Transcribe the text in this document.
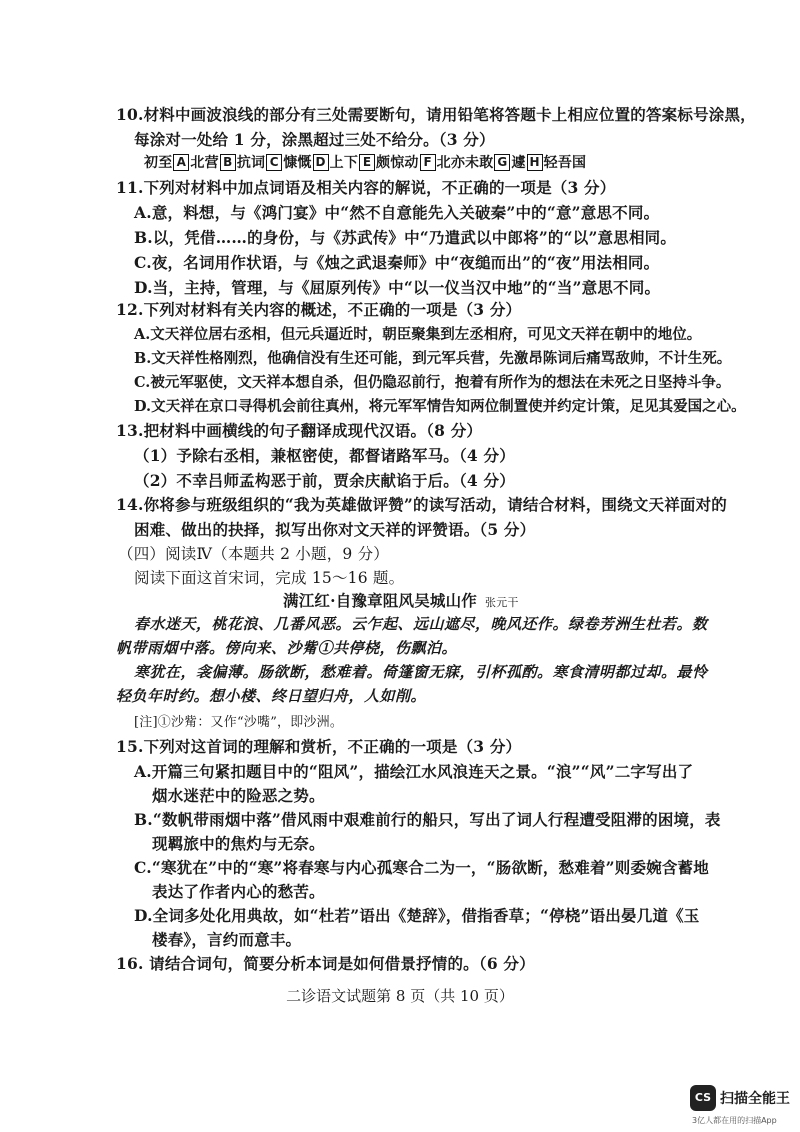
10.材料中画波浪线的部分有三处需要断句，请用铅笔将答题卡上相应位置的答案标号涂黑，
每涂对一处给 1 分，涂黑超过三处不给分。（3 分）
初至 A 北营 B 抗词 C 慷慨 D 上下 E 颇惊动 F 北亦未敢 G 遽 H 轻吾国
11.下列对材料中加点词语及相关内容的解说，不正确的一项是（3 分）
A.意，料想，与《鸿门宴》中“然不自意能先入关破秦”中的“意”意思不同。
B.以，凭借……的身份，与《苏武传》中“乃遣武以中郎将”的“以”意思相同。
C.夜，名词用作状语，与《烛之武退秦师》中“夜缒而出”的“夜”用法相同。
D.当，主持，管理，与《屈原列传》中“以一仪当汉中地”的“当”意思不同。
12.下列对材料有关内容的概述，不正确的一项是（3 分）
A.文天祥位居右丞相，但元兵逼近时，朝臣聚集到左丞相府，可见文天祥在朝中的地位。
B.文天祥性格刚烈，他确信没有生还可能，到元军兵营，先激昂陈词后痛骂敌帅，不计生死。
C.被元军驱使，文天祥本想自杀，但仍隐忍前行，抱着有所作为的想法在未死之日坚持斗争。
D.文天祥在京口寻得机会前往真州，将元军军情告知两位制置使并约定计策，足见其爱国之心。
13.把材料中画横线的句子翻译成现代汉语。（8 分）
（1）予除右丞相，兼枢密使，都督诸路军马。（4 分）
（2）不幸吕师孟构恶于前，贾余庆献谄于后。（4 分）
14.你将参与班级组织的“我为英雄做评赞”的读写活动，请结合材料，围绕文天祥面对的
困难、做出的抉择，拟写出你对文天祥的评赞语。（5 分）
（四）阅读Ⅳ（本题共 2 小题，9 分）
阅读下面这首宋词，完成 15～16 题。
满江红·自豫章阻风吴城山作 张元干
春水迷天，桃花浪、几番风恶。云乍起、远山遮尽，晚风还作。绿卷芳洲生杜若。数
帆带雨烟中落。傍向来、沙觜①共停桡，伤飘泊。
寒犹在，衾偏薄。肠欲断，愁难着。倚篷窗无寐，引杯孤酌。寒食清明都过却。最怜
轻负年时约。想小楼、终日望归舟，人如削。
[注]①沙觜：又作“沙嘴”，即沙洲。
15.下列对这首词的理解和赏析，不正确的一项是（3 分）
A.开篇三句紧扣题目中的“阻风”，描绘江水风浪连天之景。“浪”“风”二字写出了
烟水迷茫中的险恶之势。
B.“数帆带雨烟中落”借风雨中艰难前行的船只，写出了词人行程遭受阻滞的困境，表
现羁旅中的焦灼与无奈。
C.“寒犹在”中的“寒”将春寒与内心孤寒合二为一，“肠欲断，愁难着”则委婉含蓄地
表达了作者内心的愁苦。
D.全词多处化用典故，如“杜若”语出《楚辞》，借指香草；“停桡”语出晏几道《玉
楼春》，言约而意丰。
16. 请结合词句，简要分析本词是如何借景抒情的。（6 分）
二诊语文试题第 8 页（共 10 页）
CS 扫描全能王
3亿人都在用的扫描App
